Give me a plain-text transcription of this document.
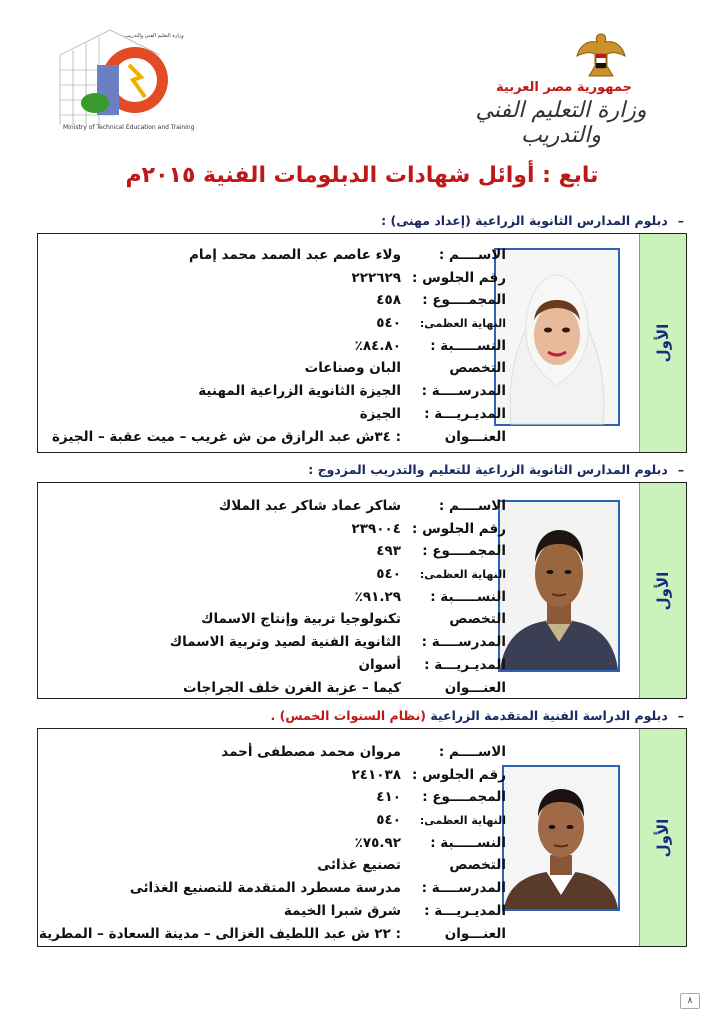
Ministry of Technical Education and Training
وزارة التعليم الفني والتدريب
جمهورية مصر العربية
وزارة التعليم الفني والتدريب
تابع : أوائل شهادات الدبلومات الفنية ٢٠١٥م
–دبلوم المدارس الثانوية الزراعية (إعداد مهنى) :
الأول
الاســــم :ولاء عاصم عبد الصمد محمد إمام
رقم الجلوس :٢٢٢٦٢٩
المجمــــوع :٤٥٨
النهاية العظمى:٥٤٠
النســـــبة :٨٤.٨٠٪
التخصصالبان وصناعات
المدرســــة :الجيزة الثانوية الزراعية المهنية
المديـريـــة :الجيزة
العنـــوان: ٣٤ش عبد الرازق من ش غريب – ميت عقبة – الجيزة
–دبلوم المدارس الثانوية الزراعية للتعليم والتدريب المزدوج :
الأول
الاســــم :شاكر عماد شاكر عبد الملاك
رقم الجلوس :٢٣٩٠٠٤
المجمــــوع :٤٩٣
النهاية العظمى:٥٤٠
النســـــبة :٩١.٢٩٪
التخصصتكنولوجيا تربية وإنتاج الاسماك
المدرســــة :الثانوية الفنية لصيد وتربية الاسماك
المديـريـــة :أسوان
العنـــوانكيما – عزبة الغرن خلف الجراجات
–دبلوم الدراسة الفنية المتقدمة الزراعية (نظام السنوات الخمس) .
الأول
الاســــم :مروان محمد مصطفى أحمد
رقم الجلوس :٢٤١٠٣٨
المجمــــوع :٤١٠
النهاية العظمى:٥٤٠
النســـــبة :٧٥.٩٢٪
التخصصتصنيع غذائى
المدرســــة :مدرسة مسطرد المتقدمة للتصنيع الغذائى
المديـريـــة :شرق شبرا الخيمة
العنـــوان: ٢٢ ش عبد اللطيف الغزالى – مدينة السعادة – المطرية
٨
